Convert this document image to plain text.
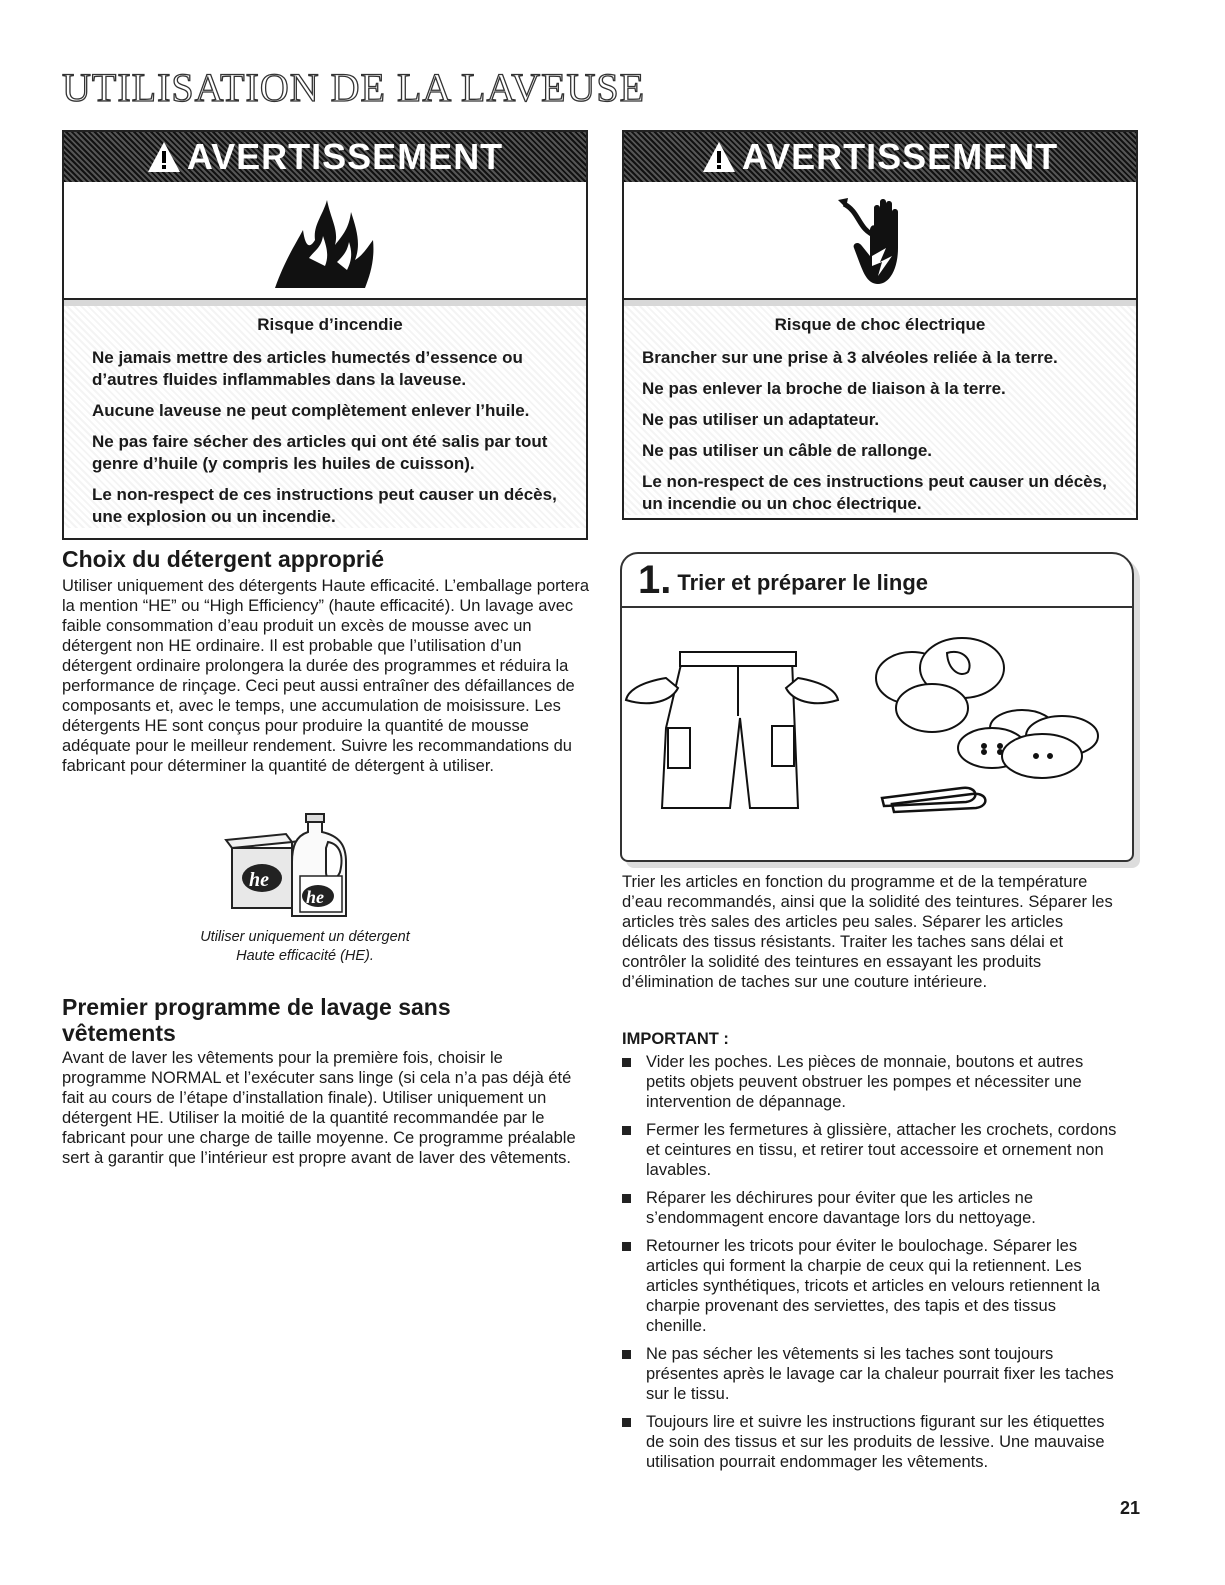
UTILISATION DE LA LAVEUSE
AVERTISSEMENT

Risque d’incendie

Ne jamais mettre des articles humectés d’essence ou d’autres fluides inflammables dans la laveuse.

Aucune laveuse ne peut complètement enlever l’huile.

Ne pas faire sécher des articles qui ont été salis par tout genre d’huile (y compris les huiles de cuisson).

Le non-respect de ces instructions peut causer un décès, une explosion ou un incendie.

AVERTISSEMENT

Risque de choc électrique

Brancher sur une prise à 3 alvéoles reliée à la terre.

Ne pas enlever la broche de liaison à la terre.

Ne pas utiliser un adaptateur.

Ne pas utiliser un câble de rallonge.

Le non-respect de ces instructions peut causer un décès, un incendie ou un choc électrique.

Choix du détergent approprié

Utiliser uniquement des détergents Haute efficacité. L’emballage portera la mention “HE” ou “High Efficiency” (haute efficacité). Un lavage avec faible consommation d’eau produit un excès de mousse avec un détergent non HE ordinaire. Il est probable que l’utilisation d’un détergent ordinaire prolongera la durée des programmes et réduira la performance de rinçage. Ceci peut aussi entraîner des défaillances de composants et, avec le temps, une accumulation de moisissure. Les détergents HE sont conçus pour produire la quantité de mousse adéquate pour le meilleur rendement. Suivre les recommandations du fabricant pour déterminer la quantité de détergent à utiliser.

he
he

Utiliser uniquement un détergent
Haute efficacité (HE).

Premier programme de lavage sans
vêtements

Avant de laver les vêtements pour la première fois, choisir le programme NORMAL et l’exécuter sans linge (si cela n’a pas déjà été fait au cours de l’étape d’installation finale). Utiliser uniquement un détergent HE. Utiliser la moitié de la quantité recommandée par le fabricant pour une charge de taille moyenne. Ce programme préalable sert à garantir que l’intérieur est propre avant de laver des vêtements.

1. Trier et préparer le linge

Trier les articles en fonction du programme et de la température d’eau recommandés, ainsi que la solidité des teintures. Séparer les articles très sales des articles peu sales. Séparer les articles délicats des tissus résistants. Traiter les taches sans délai et contrôler la solidité des teintures en essayant les produits d’élimination de taches sur une couture intérieure.

IMPORTANT :

Vider les poches. Les pièces de monnaie, boutons et autres petits objets peuvent obstruer les pompes et nécessiter une intervention de dépannage.
Fermer les fermetures à glissière, attacher les crochets, cordons et ceintures en tissu, et retirer tout accessoire et ornement non lavables.
Réparer les déchirures pour éviter que les articles ne s’endommagent encore davantage lors du nettoyage.
Retourner les tricots pour éviter le boulochage. Séparer les articles qui forment la charpie de ceux qui la retiennent. Les articles synthétiques, tricots et articles en velours retiennent la charpie provenant des serviettes, des tapis et des tissus chenille.
Ne pas sécher les vêtements si les taches sont toujours présentes après le lavage car la chaleur pourrait fixer les taches sur le tissu.
Toujours lire et suivre les instructions figurant sur les étiquettes de soin des tissus et sur les produits de lessive. Une mauvaise utilisation pourrait endommager les vêtements.

21
